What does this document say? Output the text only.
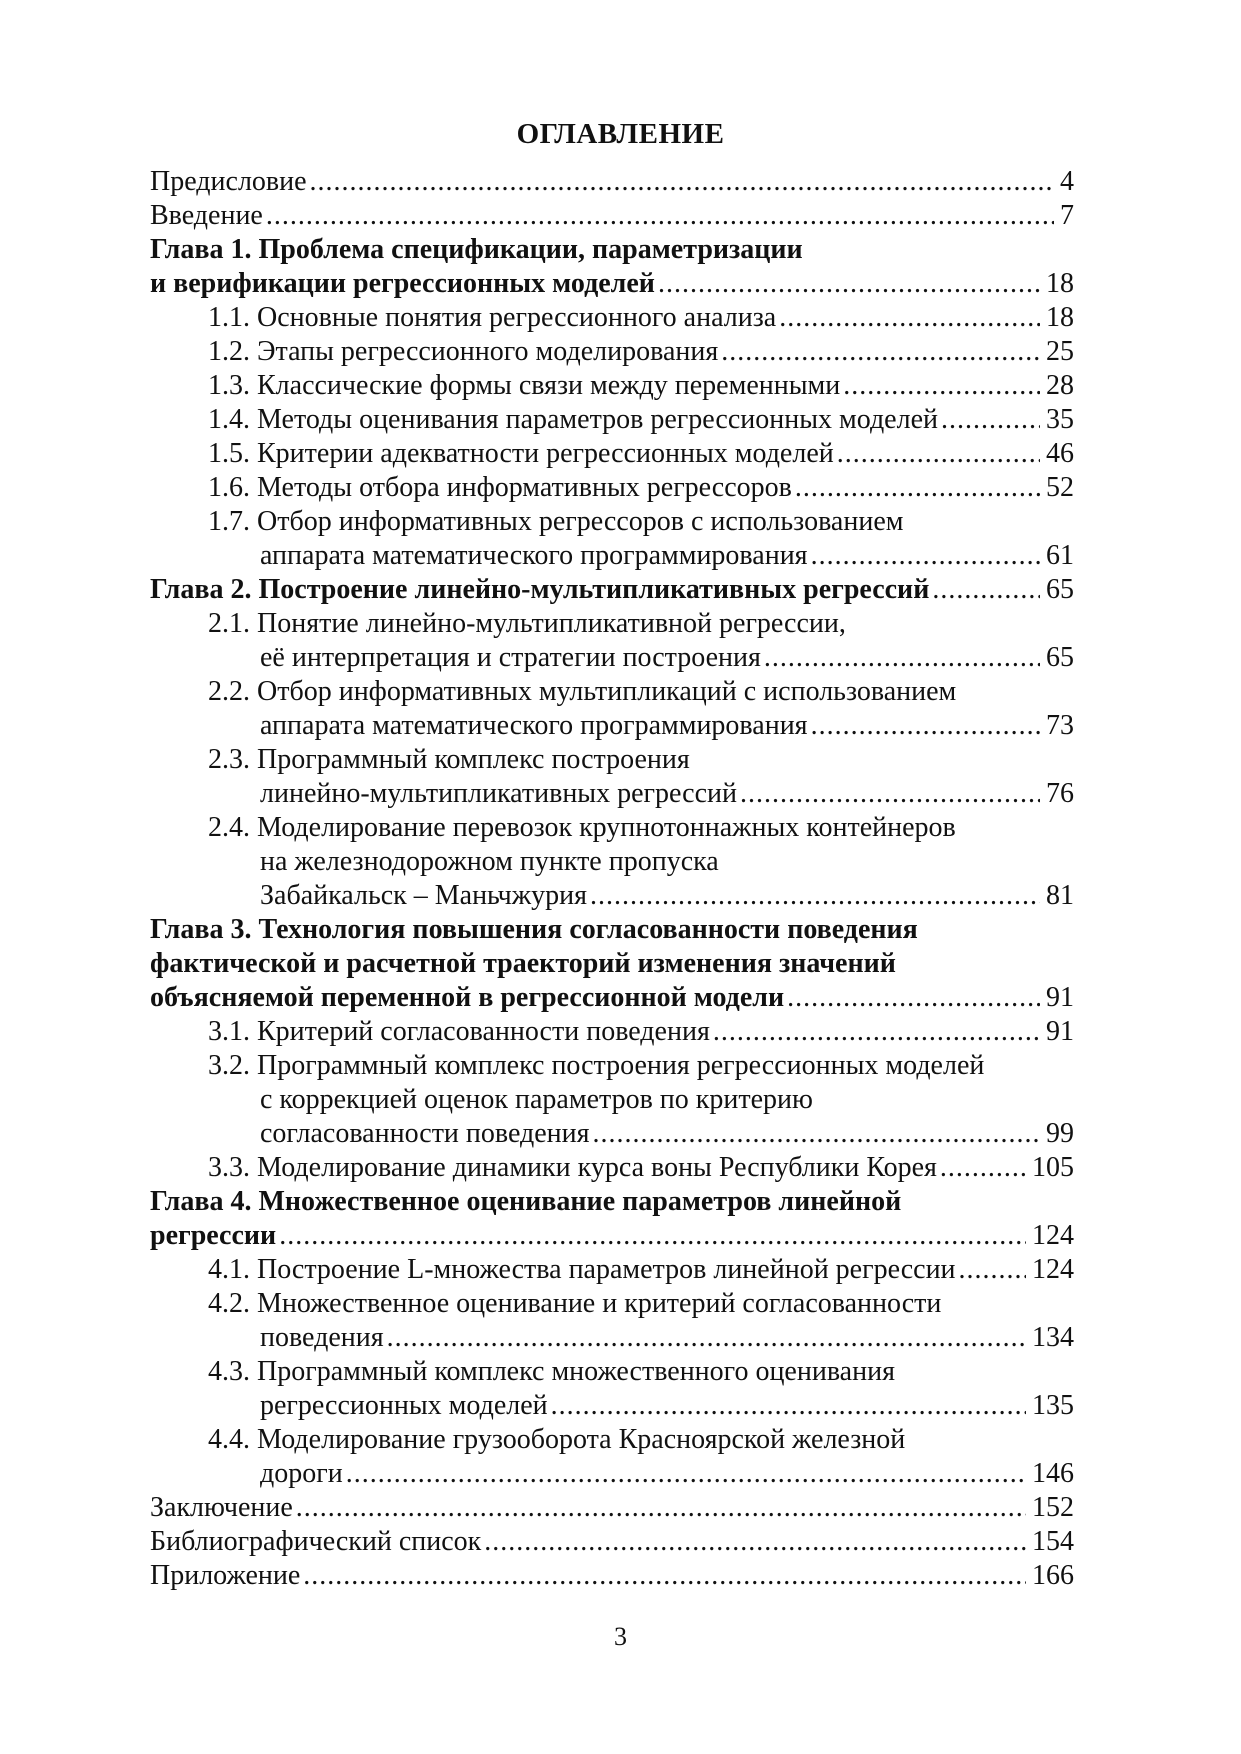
ОГЛАВЛЕНИЕ
Предисловие .....	4
Введение .....	7
Глава 1. Проблема спецификации, параметризации
и верификации регрессионных моделей .....	18
1.1. Основные понятия регрессионного анализа .....	18
1.2. Этапы регрессионного моделирования .....	25
1.3. Классические формы связи между переменными .....	28
1.4. Методы оценивания параметров регрессионных моделей .....	35
1.5. Критерии адекватности регрессионных моделей .....	46
1.6. Методы отбора информативных регрессоров .....	52
1.7. Отбор информативных регрессоров с использованием
аппарата математического программирования .....	61
Глава 2. Построение линейно-мультипликативных регрессий .....	65
2.1. Понятие линейно-мультипликативной регрессии,
её интерпретация и стратегии построения .....	65
2.2. Отбор информативных мультипликаций с использованием
аппарата математического программирования .....	73
2.3. Программный комплекс построения
линейно-мультипликативных регрессий .....	76
2.4. Моделирование перевозок крупнотоннажных контейнеров
на железнодорожном пункте пропуска
Забайкальск – Маньчжурия .....	81
Глава 3. Технология повышения согласованности поведения
фактической и расчетной траекторий изменения значений
объясняемой переменной в регрессионной модели .....	91
3.1. Критерий согласованности поведения .....	91
3.2. Программный комплекс построения регрессионных моделей
с коррекцией оценок параметров по критерию
согласованности поведения .....	99
3.3. Моделирование динамики курса воны Республики Корея .....	105
Глава 4. Множественное оценивание параметров линейной
регрессии .....	124
4.1. Построение L-множества параметров линейной регрессии .....	124
4.2. Множественное оценивание и критерий согласованности
поведения .....	134
4.3. Программный комплекс множественного оценивания
регрессионных моделей .....	135
4.4. Моделирование грузооборота Красноярской железной
дороги .....	146
Заключение .....	152
Библиографический список .....	154
Приложение .....	166
3
